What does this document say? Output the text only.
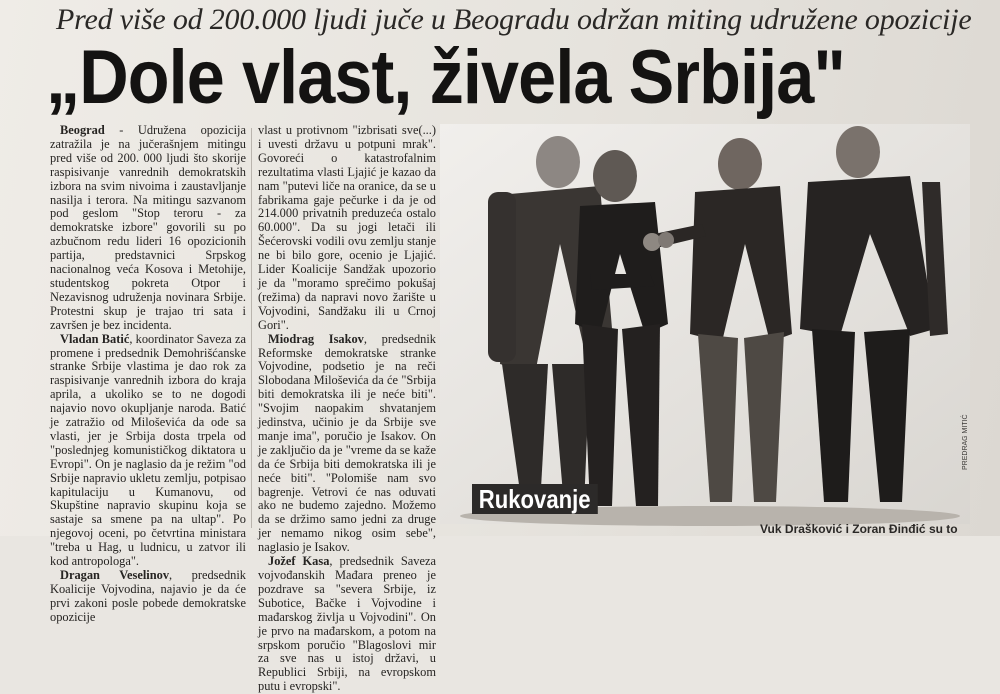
Pred više od 200.000 ljudi juče u Beogradu održan miting udružene opozicije
„Dole vlast, živela Srbija"

Beograd - Udružena opozicija zatražila je na jučerašnjem mitingu pred više od 200. 000 ljudi što skorije raspisivanje vanrednih demokratskih izbora na svim nivoima i zaustavljanje nasilja i terora. Na mitingu sazvanom pod geslom "Stop teroru - za demokratske izbore" govorili su po azbučnom redu lideri 16 opozicionih partija, predstavnici Srpskog nacionalnog veća Kosova i Metohije, studentskog pokreta Otpor i Nezavisnog udruženja novinara Srbije. Protestni skup je trajao tri sata i završen je bez incidenta.

Vladan Batić, koordinator Saveza za promene i predsednik Demohrišćanske stranke Srbije vlastima je dao rok za raspisivanje vanrednih izbora do kraja aprila, a ukoliko se to ne dogodi najavio novo okupljanje naroda. Batić je zatražio od Miloševića da ode sa vlasti, jer je Srbija dosta trpela od "poslednjeg komunističkog diktatora u Evropi". On je naglasio da je režim "od Srbije napravio ukletu zemlju, potpisao kapitulaciju u Kumanovu, od Skupštine napravio skupinu koja se sastaje sa smene pa na ultap". Po njegovoj oceni, po četvrtina ministara "treba u Hag, u ludnicu, u zatvor ili kod antropologa".

Dragan Veselinov, predsednik Koalicije Vojvodina, najavio je da će prvi zakoni posle pobede demokratske opozicije

vlast u protivnom "izbrisati sve(...) i uvesti državu u potpuni mrak". Govoreći o katastrofalnim rezultatima vlasti Ljajić je kazao da nam "putevi liče na oranice, da se u fabrikama gaje pečurke i da je od 214.000 privatnih preduzeća ostalo 60.000". Da su jogi letači ili Šećerovski vodili ovu zemlju stanje ne bi bilo gore, ocenio je Ljajić. Lider Koalicije Sandžak upozorio je da "moramo sprečimo pokušaj (režima) da napravi novo žarište u Vojvodini, Sandžaku ili u Crnoj Gori".

Miodrag Isakov, predsednik Reformske demokratske stranke Vojvodine, podsetio je na reči Slobodana Miloševića da će "Srbija biti demokratska ili je neće biti". "Svojim naopakim shvatanjem jedinstva, učinio je da Srbije sve manje ima", poručio je Isakov. On je zaključio da je "vreme da se kaže da će Srbija biti demokratska ili je neće biti". "Polomiše nam svo bagrenje. Vetrovi će nas oduvati ako ne budemo zajedno. Možemo da se držimo samo jedni za druge jer nemamo nikog osim sebe", naglasio je Isakov.

Jožef Kasa, predsednik Saveza vojvođanskih Mađara preneo je pozdrave sa "severa Srbije, iz Subotice, Bačke i Vojvodine i mađarskog življa u Vojvodini". On je prvo na mađarskom, a potom na srpskom poručio "Blagoslovi mir za sve nas u istoj državi, u Republici Srbiji, na evropskom putu i evropski".

Rukovanje
PREDRAG MITIĆ
Vuk Drašković i Zoran Đinđić su to
